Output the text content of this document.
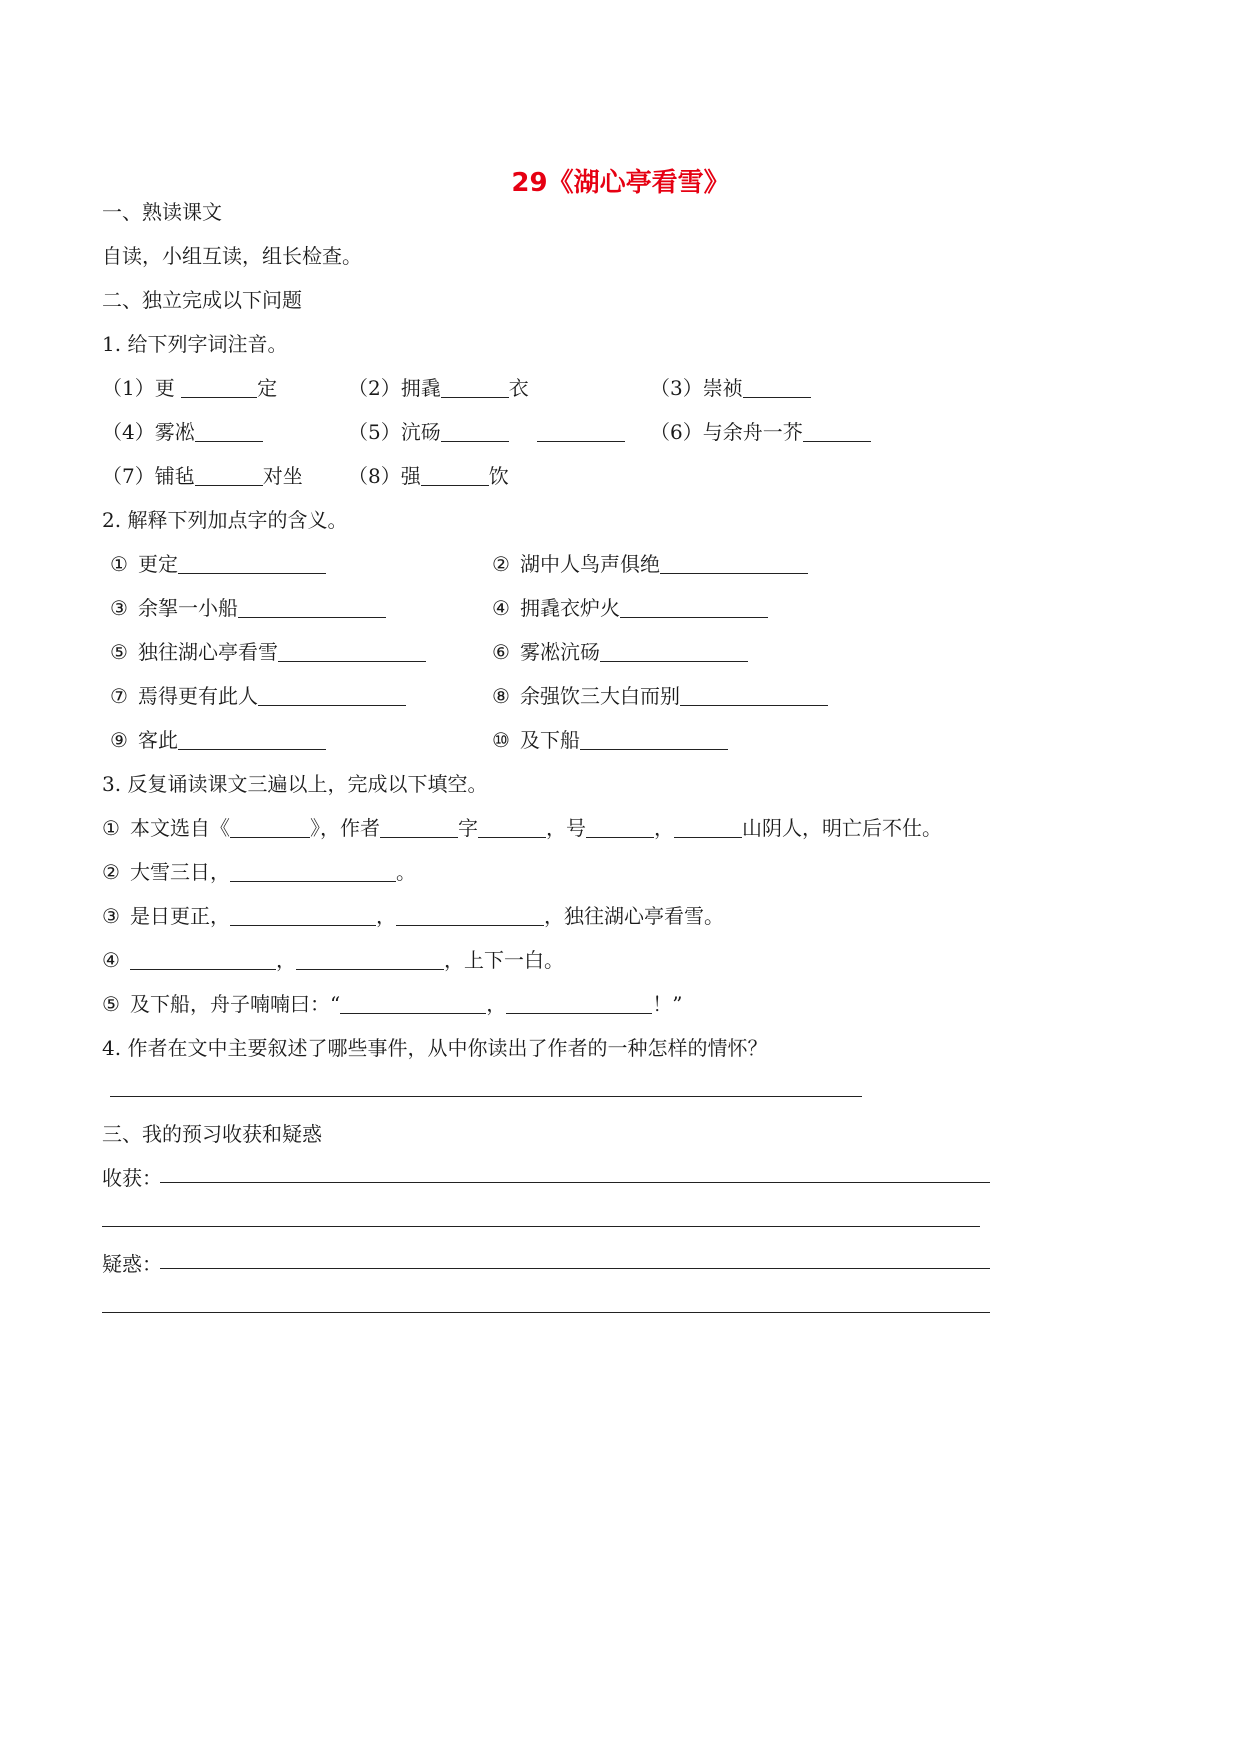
29《湖心亭看雪》
一、熟读课文
自读，小组互读，组长检查。
二、独立完成以下问题
1. 给下列字词注音。
（1）更	定	（2）拥毳	衣	（3）崇祯
（4）雾凇	（5）沆砀	（6）与余舟一芥
（7）铺毡	对坐 （8）强	饮
2. 解释下列加点字的含义。
① 更定	② 湖中人鸟声俱绝
③ 余挐一小船	④ 拥毳衣炉火
⑤ 独往湖心亭看雪	⑥ 雾凇沆砀
⑦ 焉得更有此人	⑧ 余强饮三大白而别
⑨ 客此	⑩ 及下船
3. 反复诵读课文三遍以上，完成以下填空。
① 本文选自《	》，作者	字	，号	，	山阴人，明亡后不仕。
② 大雪三日，	。
③ 是日更正，	，	，独往湖心亭看雪。
④	，	，上下一白。
⑤ 及下船，舟子喃喃曰：“	，	！”
4. 作者在文中主要叙述了哪些事件，从中你读出了作者的一种怎样的情怀？
三、我的预习收获和疑惑
收获：
疑惑：
